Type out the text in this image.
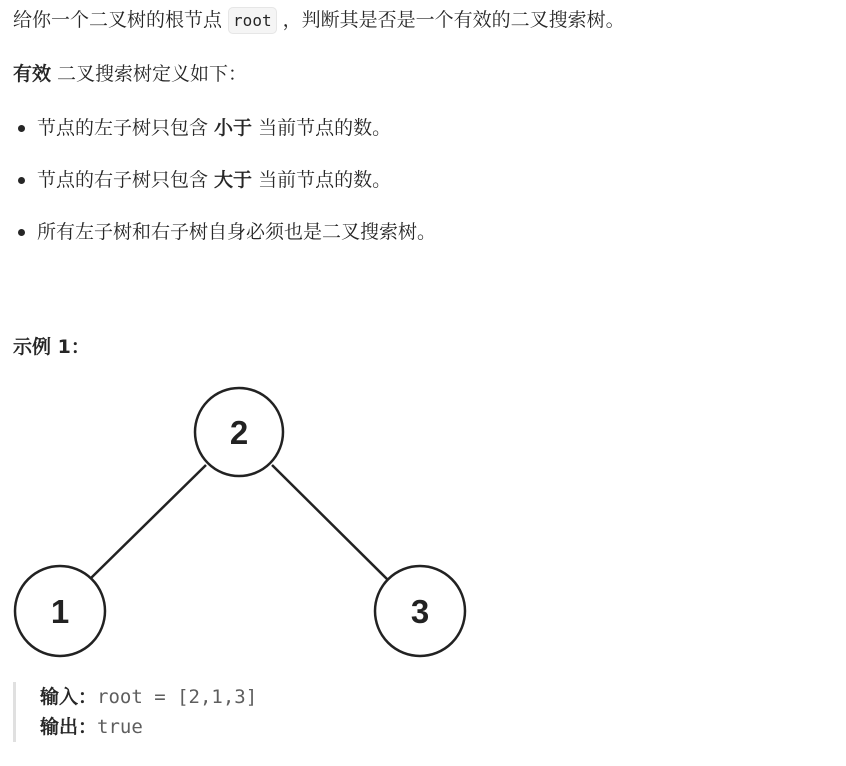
给你一个二叉树的根节点 root ，判断其是否是一个有效的二叉搜索树。
有效 二叉搜索树定义如下：
节点的左子树只包含 小于 当前节点的数。
节点的右子树只包含 大于 当前节点的数。
所有左子树和右子树自身必须也是二叉搜索树。
示例 1：
2
1	3
输入：root = [2,1,3]
输出：true
